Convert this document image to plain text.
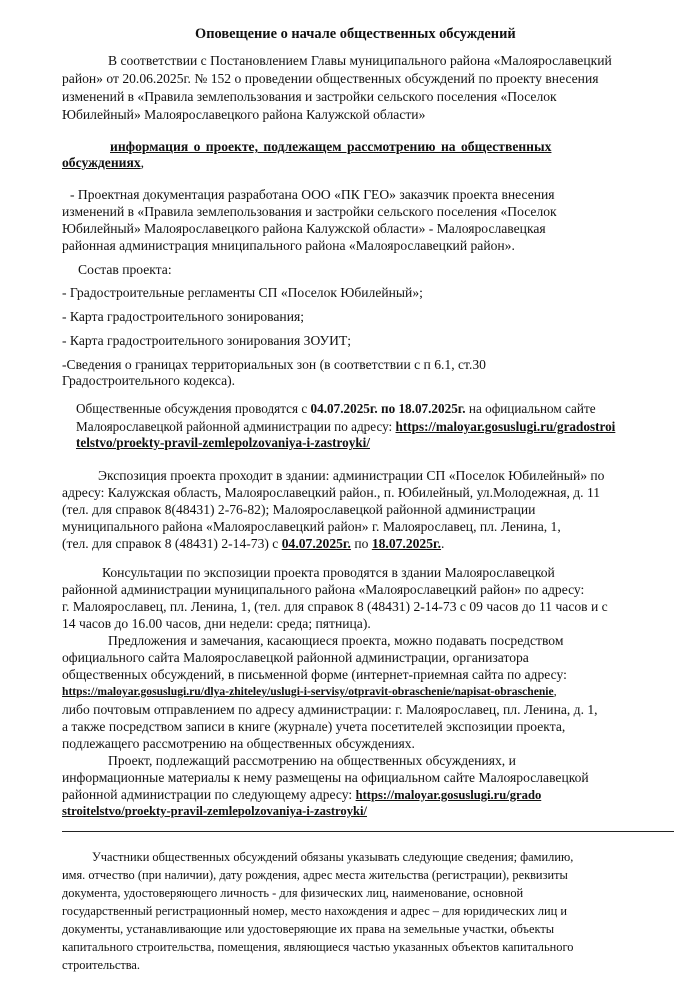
Оповещение о начале общественных обсуждений

В соответствии с Постановлением Главы муниципального района «Малоярославецкий

район» от 20.06.2025г. № 152 о проведении общественных обсуждений по проекту внесения

изменений в «Правила землепользования и застройки сельского поселения «Поселок

Юбилейный» Малоярославецкого района Калужской области»

информация о проекте, подлежащем рассмотрению на общественных

обсуждениях,

- Проектная документация разработана ООО «ПК ГЕО» заказчик проекта внесения

изменений в «Правила землепользования и застройки сельского поселения «Поселок

Юбилейный» Малоярославецкого района Калужской области» - Малоярославецкая

районная администрация мниципального района «Малоярославецкий район».

Состав проекта:

- Градостроительные регламенты СП «Поселок Юбилейный»;

- Карта градостроительного зонирования;

- Карта градостроительного зонирования ЗОУИТ;

-Сведения о границах территориальных зон (в соответствии с п 6.1, ст.30

Градостроительного кодекса).

Общественные обсуждения проводятся с 04.07.2025г. по 18.07.2025г. на официальном сайте

Малоярославецкой районной администрации по адресу: https://maloyar.gosuslugi.ru/gradostroi

telstvo/proekty-pravil-zemlepolzovaniya-i-zastroyki/

Экспозиция проекта проходит в здании: администрации СП «Поселок Юбилейный» по

адресу: Калужская область, Малоярославецкий район., п. Юбилейный, ул.Молодежная, д. 11

(тел. для справок 8(48431) 2-76-82); Малоярославецкой районной администрации

муниципального района «Малоярославецкий район» г. Малоярославец, пл. Ленина, 1,

(тел. для справок 8 (48431) 2-14-73) с 04.07.2025г. по 18.07.2025г..

Консультации по экспозиции проекта проводятся в здании Малоярославецкой

районной администрации муниципального района «Малоярославецкий район» по адресу:

г. Малоярославец, пл. Ленина, 1, (тел. для справок 8 (48431) 2-14-73 с 09 часов до 11 часов и с

14 часов до 16.00 часов, дни недели: среда; пятница).

Предложения и замечания, касающиеся проекта, можно подавать посредством

официального сайта Малоярославецкой районной администрации, организатора

общественных обсуждений, в письменной форме (интернет-приемная сайта по адресу:

https://maloyar.gosuslugi.ru/dlya-zhiteley/uslugi-i-servisy/otpravit-obraschenie/napisat-obraschenie,

либо почтовым отправлением по адресу администрации: г. Малоярославец, пл. Ленина, д. 1,

а также посредством записи в книге (журнале) учета посетителей экспозиции проекта,

подлежащего рассмотрению на общественных обсуждениях.

Проект, подлежащий рассмотрению на общественных обсуждениях, и

информационные материалы к нему размещены на официальном сайте Малоярославецкой

районной администрации по следующему адресу: https://maloyar.gosuslugi.ru/grado

stroitelstvo/proekty-pravil-zemlepolzovaniya-i-zastroyki/

Участники общественных обсуждений обязаны указывать следующие сведения; фамилию,

имя. отчество (при наличии), дату рождения, адрес места жительства (регистрации), реквизиты

документа, удостоверяющего личность - для физических лиц, наименование, основной

государственный регистрационный номер, место нахождения и адрес – для юридических лиц и

документы, устанавливающие или удостоверяющие их права на земельные участки, объекты

капитального строительства, помещения, являющиеся частью указанных объектов капитального

строительства.
